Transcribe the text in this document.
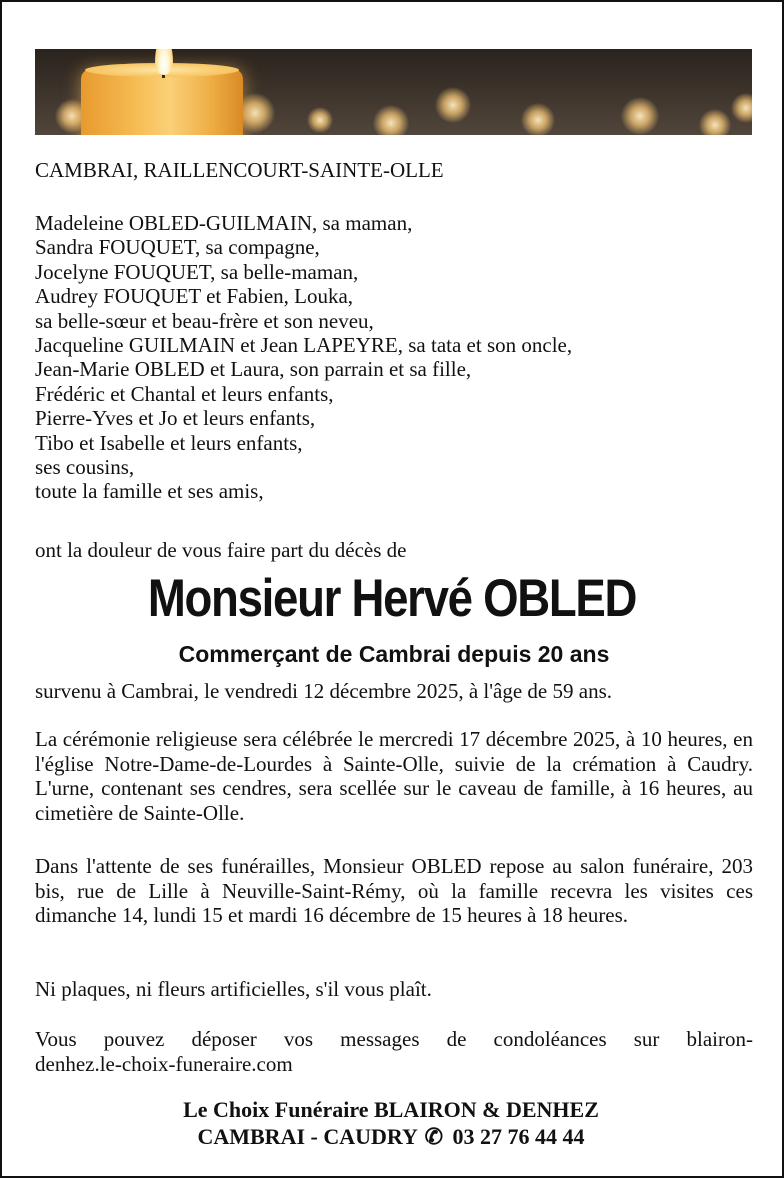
CAMBRAI, RAILLENCOURT-SAINTE-OLLE

Madeleine OBLED-GUILMAIN, sa maman,
Sandra FOUQUET, sa compagne,
Jocelyne FOUQUET, sa belle-maman,
Audrey FOUQUET et Fabien, Louka,
sa belle-sœur et beau-frère et son neveu,
Jacqueline GUILMAIN et Jean LAPEYRE, sa tata et son oncle,
Jean-Marie OBLED et Laura, son parrain et sa fille,
Frédéric et Chantal et leurs enfants,
Pierre-Yves et Jo et leurs enfants,
Tibo et Isabelle et leurs enfants,
ses cousins,
toute la famille et ses amis,

ont la douleur de vous faire part du décès de

Monsieur Hervé OBLED
Commerçant de Cambrai depuis 20 ans

survenu à Cambrai, le vendredi 12 décembre 2025, à l'âge de 59 ans.

La cérémonie religieuse sera célébrée le mercredi 17 décembre 2025, à 10 heures, en l'église Notre-Dame-de-Lourdes à Sainte-Olle, suivie de la crémation à Caudry. L'urne, contenant ses cendres, sera scellée sur le caveau de famille, à 16 heures, au cimetière de Sainte-Olle.

Dans l'attente de ses funérailles, Monsieur OBLED repose au salon funéraire, 203 bis, rue de Lille à Neuville-Saint-Rémy, où la famille recevra les visites ces dimanche 14, lundi 15 et mardi 16 décembre de 15 heures à 18 heures.

Ni plaques, ni fleurs artificielles, s'il vous plaît.

Vous pouvez déposer vos messages de condoléances sur blairon-
denhez.le-choix-funeraire.com
Le Choix Funéraire BLAIRON & DENHEZ
CAMBRAI - CAUDRY ✆ 03 27 76 44 44
